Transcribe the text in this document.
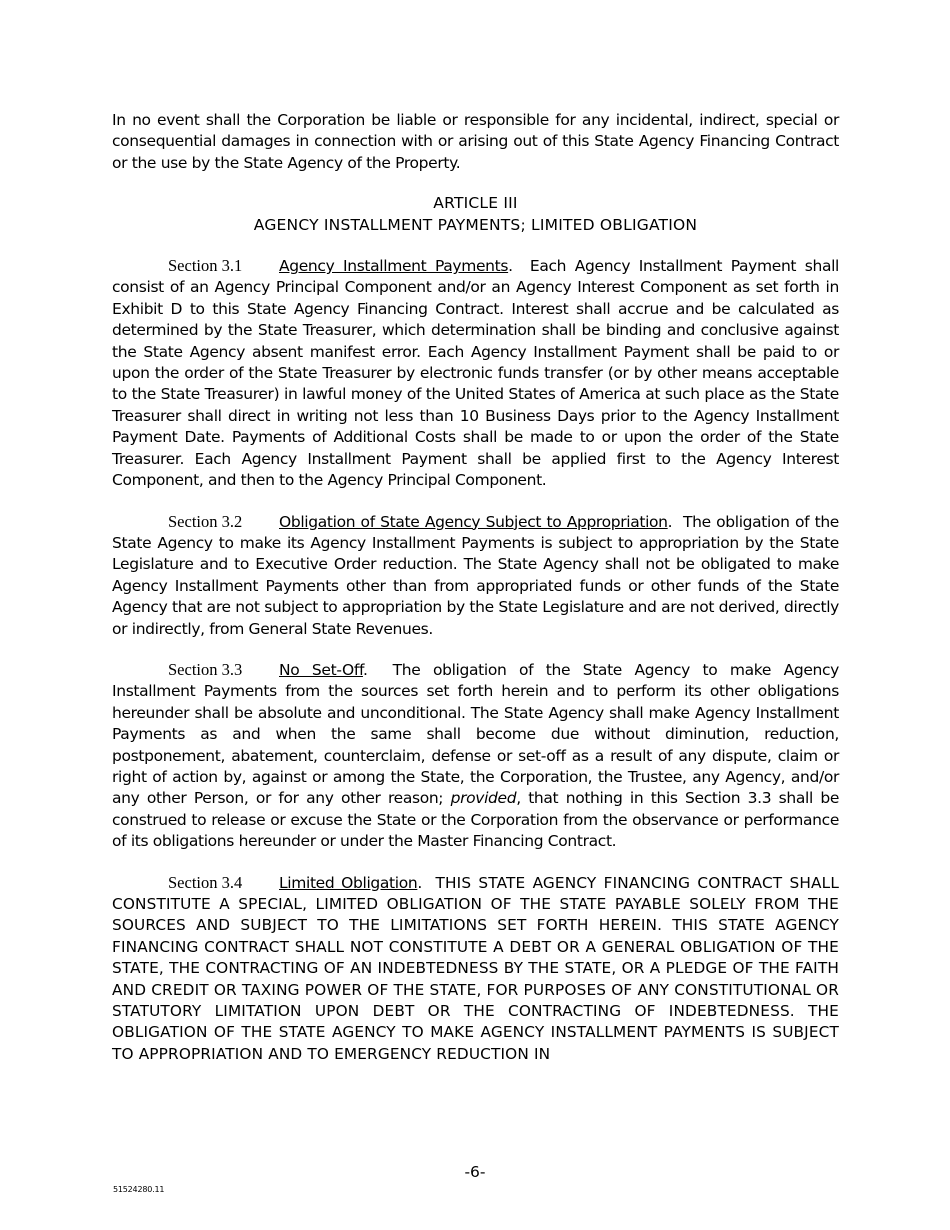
In no event shall the Corporation be liable or responsible for any incidental, indirect, special or consequential damages in connection with or arising out of this State Agency Financing Contract or the use by the State Agency of the Property.

ARTICLE III

AGENCY INSTALLMENT PAYMENTS; LIMITED OBLIGATION

Section 3.1 Agency Installment Payments.  Each Agency Installment Payment shall consist of an Agency Principal Component and/or an Agency Interest Component as set forth in Exhibit D to this State Agency Financing Contract. Interest shall accrue and be calculated as determined by the State Treasurer, which determination shall be binding and conclusive against the State Agency absent manifest error. Each Agency Installment Payment shall be paid to or upon the order of the State Treasurer by electronic funds transfer (or by other means acceptable to the State Treasurer) in lawful money of the United States of America at such place as the State Treasurer shall direct in writing not less than 10 Business Days prior to the Agency Installment Payment Date. Payments of Additional Costs shall be made to or upon the order of the State Treasurer. Each Agency Installment Payment shall be applied first to the Agency Interest Component, and then to the Agency Principal Component.

Section 3.2 Obligation of State Agency Subject to Appropriation.  The obligation of the State Agency to make its Agency Installment Payments is subject to appropriation by the State Legislature and to Executive Order reduction. The State Agency shall not be obligated to make Agency Installment Payments other than from appropriated funds or other funds of the State Agency that are not subject to appropriation by the State Legislature and are not derived, directly or indirectly, from General State Revenues.

Section 3.3 No Set-Off.  The obligation of the State Agency to make Agency Installment Payments from the sources set forth herein and to perform its other obligations hereunder shall be absolute and unconditional. The State Agency shall make Agency Installment Payments as and when the same shall become due without diminution, reduction, postponement, abatement, counterclaim, defense or set-off as a result of any dispute, claim or right of action by, against or among the State, the Corporation, the Trustee, any Agency, and/or any other Person, or for any other reason; provided, that nothing in this Section 3.3 shall be construed to release or excuse the State or the Corporation from the observance or performance of its obligations hereunder or under the Master Financing Contract.

Section 3.4 Limited Obligation.  THIS STATE AGENCY FINANCING CONTRACT SHALL CONSTITUTE A SPECIAL, LIMITED OBLIGATION OF THE STATE PAYABLE SOLELY FROM THE SOURCES AND SUBJECT TO THE LIMITATIONS SET FORTH HEREIN. THIS STATE AGENCY FINANCING CONTRACT SHALL NOT CONSTITUTE A DEBT OR A GENERAL OBLIGATION OF THE STATE, THE CONTRACTING OF AN INDEBTEDNESS BY THE STATE, OR A PLEDGE OF THE FAITH AND CREDIT OR TAXING POWER OF THE STATE, FOR PURPOSES OF ANY CONSTITUTIONAL OR STATUTORY LIMITATION UPON DEBT OR THE CONTRACTING OF INDEBTEDNESS. THE OBLIGATION OF THE STATE AGENCY TO MAKE AGENCY INSTALLMENT PAYMENTS IS SUBJECT TO APPROPRIATION AND TO EMERGENCY REDUCTION IN

-6-
51524280.11
